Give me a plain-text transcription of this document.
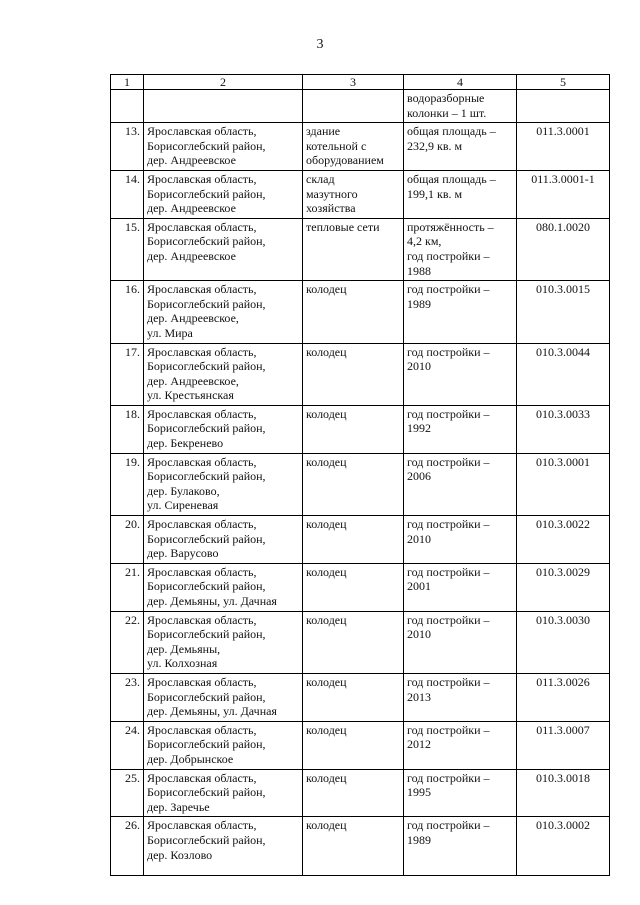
3
1	2	3	4	5
			водоразборные
колонки – 1 шт.	
13.	Ярославская область,
Борисоглебский район,
дер. Андреевское	здание
котельной с
оборудованием	общая площадь –
232,9 кв. м	011.3.0001
14.	Ярославская область,
Борисоглебский район,
дер. Андреевское	склад
мазутного
хозяйства	общая площадь –
199,1 кв. м	011.3.0001-1
15.	Ярославская область,
Борисоглебский район,
дер. Андреевское	тепловые сети	протяжённость –
4,2 км,
год постройки –
1988	080.1.0020
16.	Ярославская область,
Борисоглебский район,
дер. Андреевское,
ул. Мира	колодец	год постройки –
1989	010.3.0015
17.	Ярославская область,
Борисоглебский район,
дер. Андреевское,
ул. Крестьянская	колодец	год постройки –
2010	010.3.0044
18.	Ярославская область,
Борисоглебский район,
дер. Бекренево	колодец	год постройки –
1992	010.3.0033
19.	Ярославская область,
Борисоглебский район,
дер. Булаково,
ул. Сиреневая	колодец	год постройки –
2006	010.3.0001
20.	Ярославская область,
Борисоглебский район,
дер. Варусово	колодец	год постройки –
2010	010.3.0022
21.	Ярославская область,
Борисоглебский район,
дер. Демьяны, ул. Дачная	колодец	год постройки –
2001	010.3.0029
22.	Ярославская область,
Борисоглебский район,
дер. Демьяны,
ул. Колхозная	колодец	год постройки –
2010	010.3.0030
23.	Ярославская область,
Борисоглебский район,
дер. Демьяны, ул. Дачная	колодец	год постройки –
2013	011.3.0026
24.	Ярославская область,
Борисоглебский район,
дер. Добрынское	колодец	год постройки –
2012	011.3.0007
25.	Ярославская область,
Борисоглебский район,
дер. Заречье	колодец	год постройки –
1995	010.3.0018
26.	Ярославская область,
Борисоглебский район,
дер. Козлово	колодец	год постройки –
1989	010.3.0002
